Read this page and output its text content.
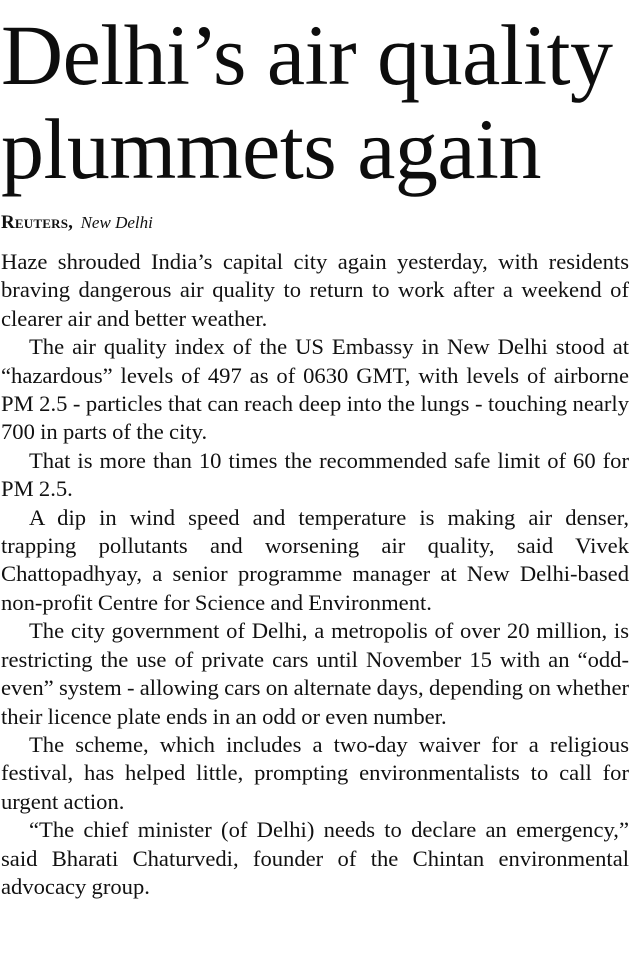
Delhi’s air quality
plummets again
Reuters, New Delhi

Haze shrouded India’s capital city again yesterday, with residents braving dangerous air quality to return to work after a weekend of clearer air and better weather.

The air quality index of the US Embassy in New Delhi stood at “hazardous” levels of 497 as of 0630 GMT, with levels of airborne PM 2.5 - particles that can reach deep into the lungs - touching nearly 700 in parts of the city.

That is more than 10 times the recommended safe limit of 60 for PM 2.5.

A dip in wind speed and temperature is making air denser, trapping pollutants and worsening air quality, said Vivek Chattopadhyay, a senior programme manager at New Delhi-based non-profit Centre for Science and Environment.

The city government of Delhi, a metropolis of over 20 million, is restricting the use of private cars until November 15 with an “odd-even” system - allowing cars on alternate days, depending on whether their licence plate ends in an odd or even number.

The scheme, which includes a two-day waiver for a religious festival, has helped little, prompting environmentalists to call for urgent action.

“The chief minister (of Delhi) needs to declare an emergency,” said Bharati Chaturvedi, founder of the Chintan environmental advocacy group.
